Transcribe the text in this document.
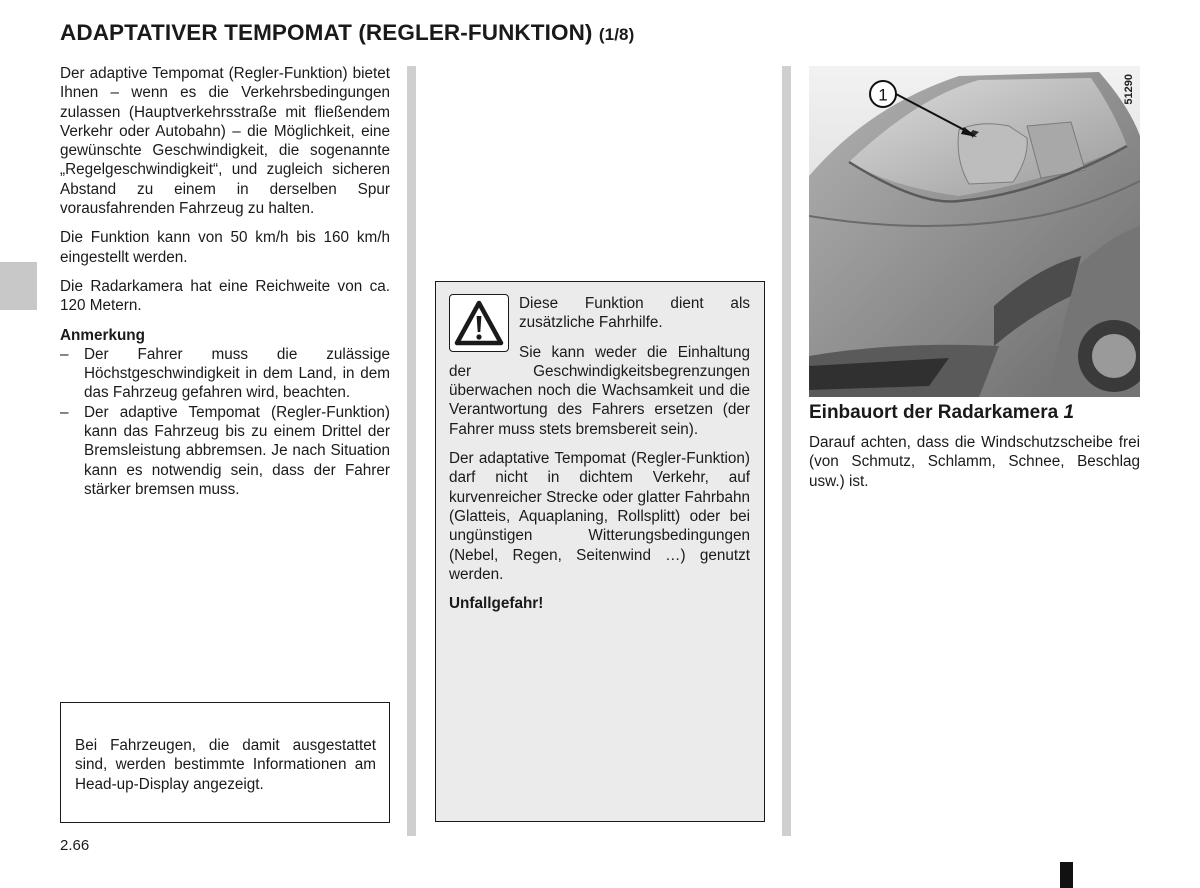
ADAPTATIVER TEMPOMAT (REGLER-FUNKTION) (1/8)

Der adaptive Tempomat (Regler-Funktion) bietet Ihnen – wenn es die Verkehrsbedingungen zulassen (Hauptverkehrsstraße mit fließendem Verkehr oder Autobahn) – die Möglichkeit, eine gewünschte Geschwindigkeit, die sogenannte „Regelgeschwindigkeit“, und zugleich sicheren Abstand zu einem in derselben Spur vorausfahrenden Fahrzeug zu halten.

Die Funktion kann von 50 km/h bis 160 km/h eingestellt werden.

Die Radarkamera hat eine Reichweite von ca. 120 Metern.

Anmerkung

– Der Fahrer muss die zulässige Höchstgeschwindigkeit in dem Land, in dem das Fahrzeug gefahren wird, beachten.
– Der adaptive Tempomat (Regler-Funktion) kann das Fahrzeug bis zu einem Drittel der Bremsleistung abbremsen. Je nach Situation kann es notwendig sein, dass der Fahrer stärker bremsen muss.
Bei Fahrzeugen, die damit ausgestattet sind, werden bestimmte Informationen am Head-up-Display angezeigt.
2.66

Diese Funktion dient als zusätzliche Fahrhilfe.

Sie kann weder die Einhaltung der Geschwindigkeitsbegrenzungen überwachen noch die Wachsamkeit und die Verantwortung des Fahrers ersetzen (der Fahrer muss stets bremsbereit sein).

Der adaptative Tempomat (Regler-Funktion) darf nicht in dichtem Verkehr, auf kurvenreicher Strecke oder glatter Fahrbahn (Glatteis, Aquaplaning, Rollsplitt) oder bei ungünstigen Witterungsbedingungen (Nebel, Regen, Seitenwind …) genutzt werden.

Unfallgefahr!

1	51290
Einbauort der Radarkamera 1
Darauf achten, dass die Windschutzscheibe frei (von Schmutz, Schlamm, Schnee, Beschlag usw.) ist.
